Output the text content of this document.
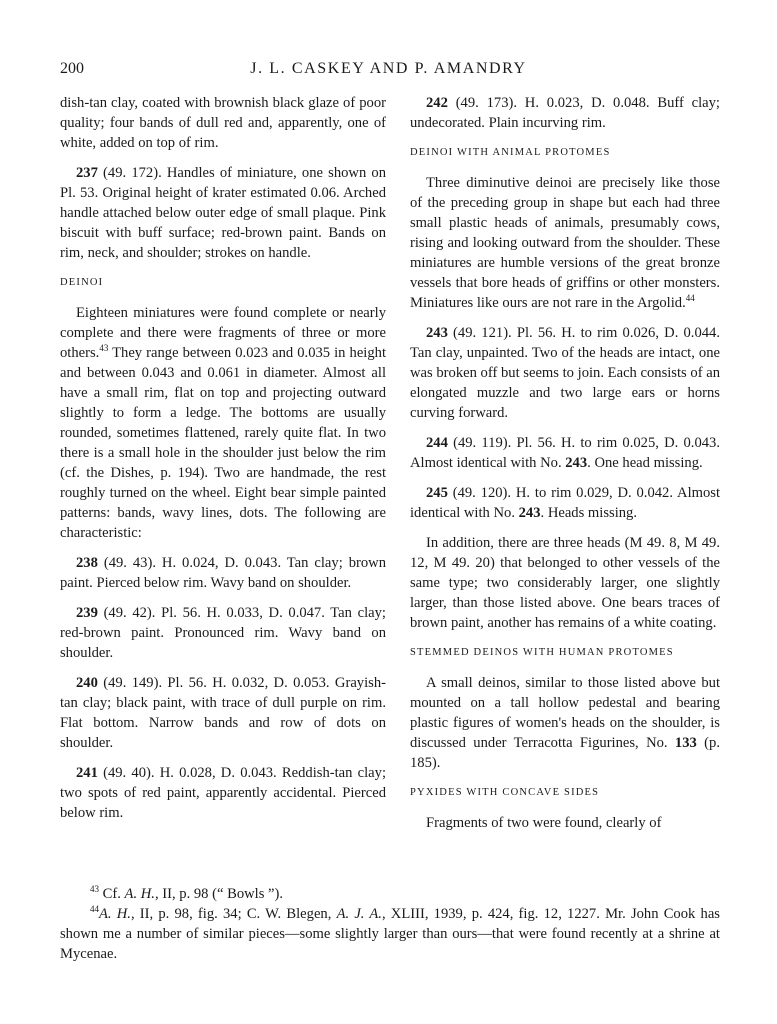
200	J. L. CASKEY AND P. AMANDRY

dish-tan clay, coated with brownish black glaze of poor quality; four bands of dull red and, apparently, one of white, added on top of rim.

237 (49. 172). Handles of miniature, one shown on Pl. 53. Original height of krater estimated 0.06. Arched handle attached below outer edge of small plaque. Pink biscuit with buff surface; red-brown paint. Bands on rim, neck, and shoulder; strokes on handle.

DEINOI

Eighteen miniatures were found complete or nearly complete and there were fragments of three or more others.$^{43}$ They range between 0.023 and 0.035 in height and between 0.043 and 0.061 in diameter. Almost all have a small rim, flat on top and projecting outward slightly to form a ledge. The bottoms are usually rounded, sometimes flattened, rarely quite flat. In two there is a small hole in the shoulder just below the rim (cf. the Dishes, p. 194). Two are handmade, the rest roughly turned on the wheel. Eight bear simple painted patterns: bands, wavy lines, dots. The following are characteristic:

238 (49. 43). H. 0.024, D. 0.043. Tan clay; brown paint. Pierced below rim. Wavy band on shoulder.

239 (49. 42). Pl. 56. H. 0.033, D. 0.047. Tan clay; red-brown paint. Pronounced rim. Wavy band on shoulder.

240 (49. 149). Pl. 56. H. 0.032, D. 0.053. Grayish-tan clay; black paint, with trace of dull purple on rim. Flat bottom. Narrow bands and row of dots on shoulder.

241 (49. 40). H. 0.028, D. 0.043. Reddish-tan clay; two spots of red paint, apparently accidental. Pierced below rim.

242 (49. 173). H. 0.023, D. 0.048. Buff clay; undecorated. Plain incurving rim.

DEINOI WITH ANIMAL PROTOMES

Three diminutive deinoi are precisely like those of the preceding group in shape but each had three small plastic heads of animals, presumably cows, rising and looking outward from the shoulder. These miniatures are humble versions of the great bronze vessels that bore heads of griffins or other monsters. Miniatures like ours are not rare in the Argolid.$^{44}$

243 (49. 121). Pl. 56. H. to rim 0.026, D. 0.044. Tan clay, unpainted. Two of the heads are intact, one was broken off but seems to join. Each consists of an elongated muzzle and two large ears or horns curving forward.

244 (49. 119). Pl. 56. H. to rim 0.025, D. 0.043. Almost identical with No. 243. One head missing.

245 (49. 120). H. to rim 0.029, D. 0.042. Almost identical with No. 243. Heads missing.

In addition, there are three heads (M 49. 8, M 49. 12, M 49. 20) that belonged to other vessels of the same type; two considerably larger, one slightly larger, than those listed above. One bears traces of brown paint, another has remains of a white coating.

STEMMED DEINOS WITH HUMAN PROTOMES

A small deinos, similar to those listed above but mounted on a tall hollow pedestal and bearing plastic figures of women's heads on the shoulder, is discussed under Terracotta Figurines, No. 133 (p. 185).

PYXIDES WITH CONCAVE SIDES

Fragments of two were found, clearly of

$^{43}$ Cf. A. H., II, p. 98 (“ Bowls ”).

$^{44}$A. H., II, p. 98, fig. 34; C. W. Blegen, A. J. A., XLIII, 1939, p. 424, fig. 12, 1227. Mr. John Cook has shown me a number of similar pieces—some slightly larger than ours—that were found recently at a shrine at Mycenae.
